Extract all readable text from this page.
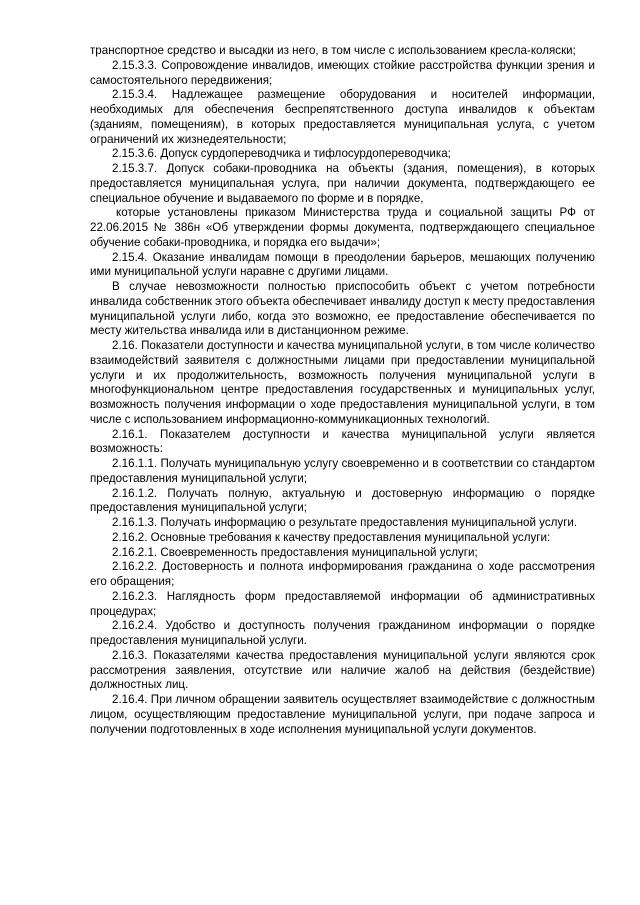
транспортное средство и высадки из него, в том числе с использованием кресла-коляски;

2.15.3.3. Сопровождение инвалидов, имеющих стойкие расстройства функции зрения и самостоятельного передвижения;

2.15.3.4. Надлежащее размещение оборудования и носителей информации, необходимых для обеспечения беспрепятственного доступа инвалидов к объектам (зданиям, помещениям), в которых предоставляется муниципальная услуга, с учетом ограничений их жизнедеятельности;

2.15.3.6. Допуск сурдопереводчика и тифлосурдопереводчика;

2.15.3.7. Допуск собаки-проводника на объекты (здания, помещения), в которых предоставляется муниципальная услуга, при наличии документа, подтверждающего ее специальное обучение и выдаваемого по форме и в порядке,

которые установлены приказом Министерства труда и социальной защиты РФ от 22.06.2015 № 386н «Об утверждении формы документа, подтверждающего специальное обучение собаки-проводника, и порядка его выдачи»;

2.15.4. Оказание инвалидам помощи в преодолении барьеров, мешающих получению ими муниципальной услуги наравне с другими лицами.

В случае невозможности полностью приспособить объект с учетом потребности инвалида собственник этого объекта обеспечивает инвалиду доступ к месту предоставления муниципальной услуги либо, когда это возможно, ее предоставление обеспечивается по месту жительства инвалида или в дистанционном режиме.

2.16. Показатели доступности и качества муниципальной услуги, в том числе количество взаимодействий заявителя с должностными лицами при предоставлении муниципальной услуги и их продолжительность, возможность получения муниципальной услуги в многофункциональном центре предоставления государственных и муниципальных услуг, возможность получения информации о ходе предоставления муниципальной услуги, в том числе с использованием информационно-коммуникационных технологий.

2.16.1. Показателем доступности и качества муниципальной услуги является возможность:

2.16.1.1. Получать муниципальную услугу своевременно и в соответствии со стандартом предоставления муниципальной услуги;

2.16.1.2. Получать полную, актуальную и достоверную информацию о порядке предоставления муниципальной услуги;

2.16.1.3. Получать информацию о результате предоставления муниципальной услуги.

2.16.2. Основные требования к качеству предоставления муниципальной услуги:

2.16.2.1. Своевременность предоставления муниципальной услуги;

2.16.2.2. Достоверность и полнота информирования гражданина о ходе рассмотрения его обращения;

2.16.2.3. Наглядность форм предоставляемой информации об административных процедурах;

2.16.2.4. Удобство и доступность получения гражданином информации о порядке предоставления муниципальной услуги.

2.16.3. Показателями качества предоставления муниципальной услуги являются срок рассмотрения заявления, отсутствие или наличие жалоб на действия (бездействие) должностных лиц.

2.16.4. При личном обращении заявитель осуществляет взаимодействие с должностным лицом, осуществляющим предоставление муниципальной услуги, при подаче запроса и получении подготовленных в ходе исполнения муниципальной услуги документов.
